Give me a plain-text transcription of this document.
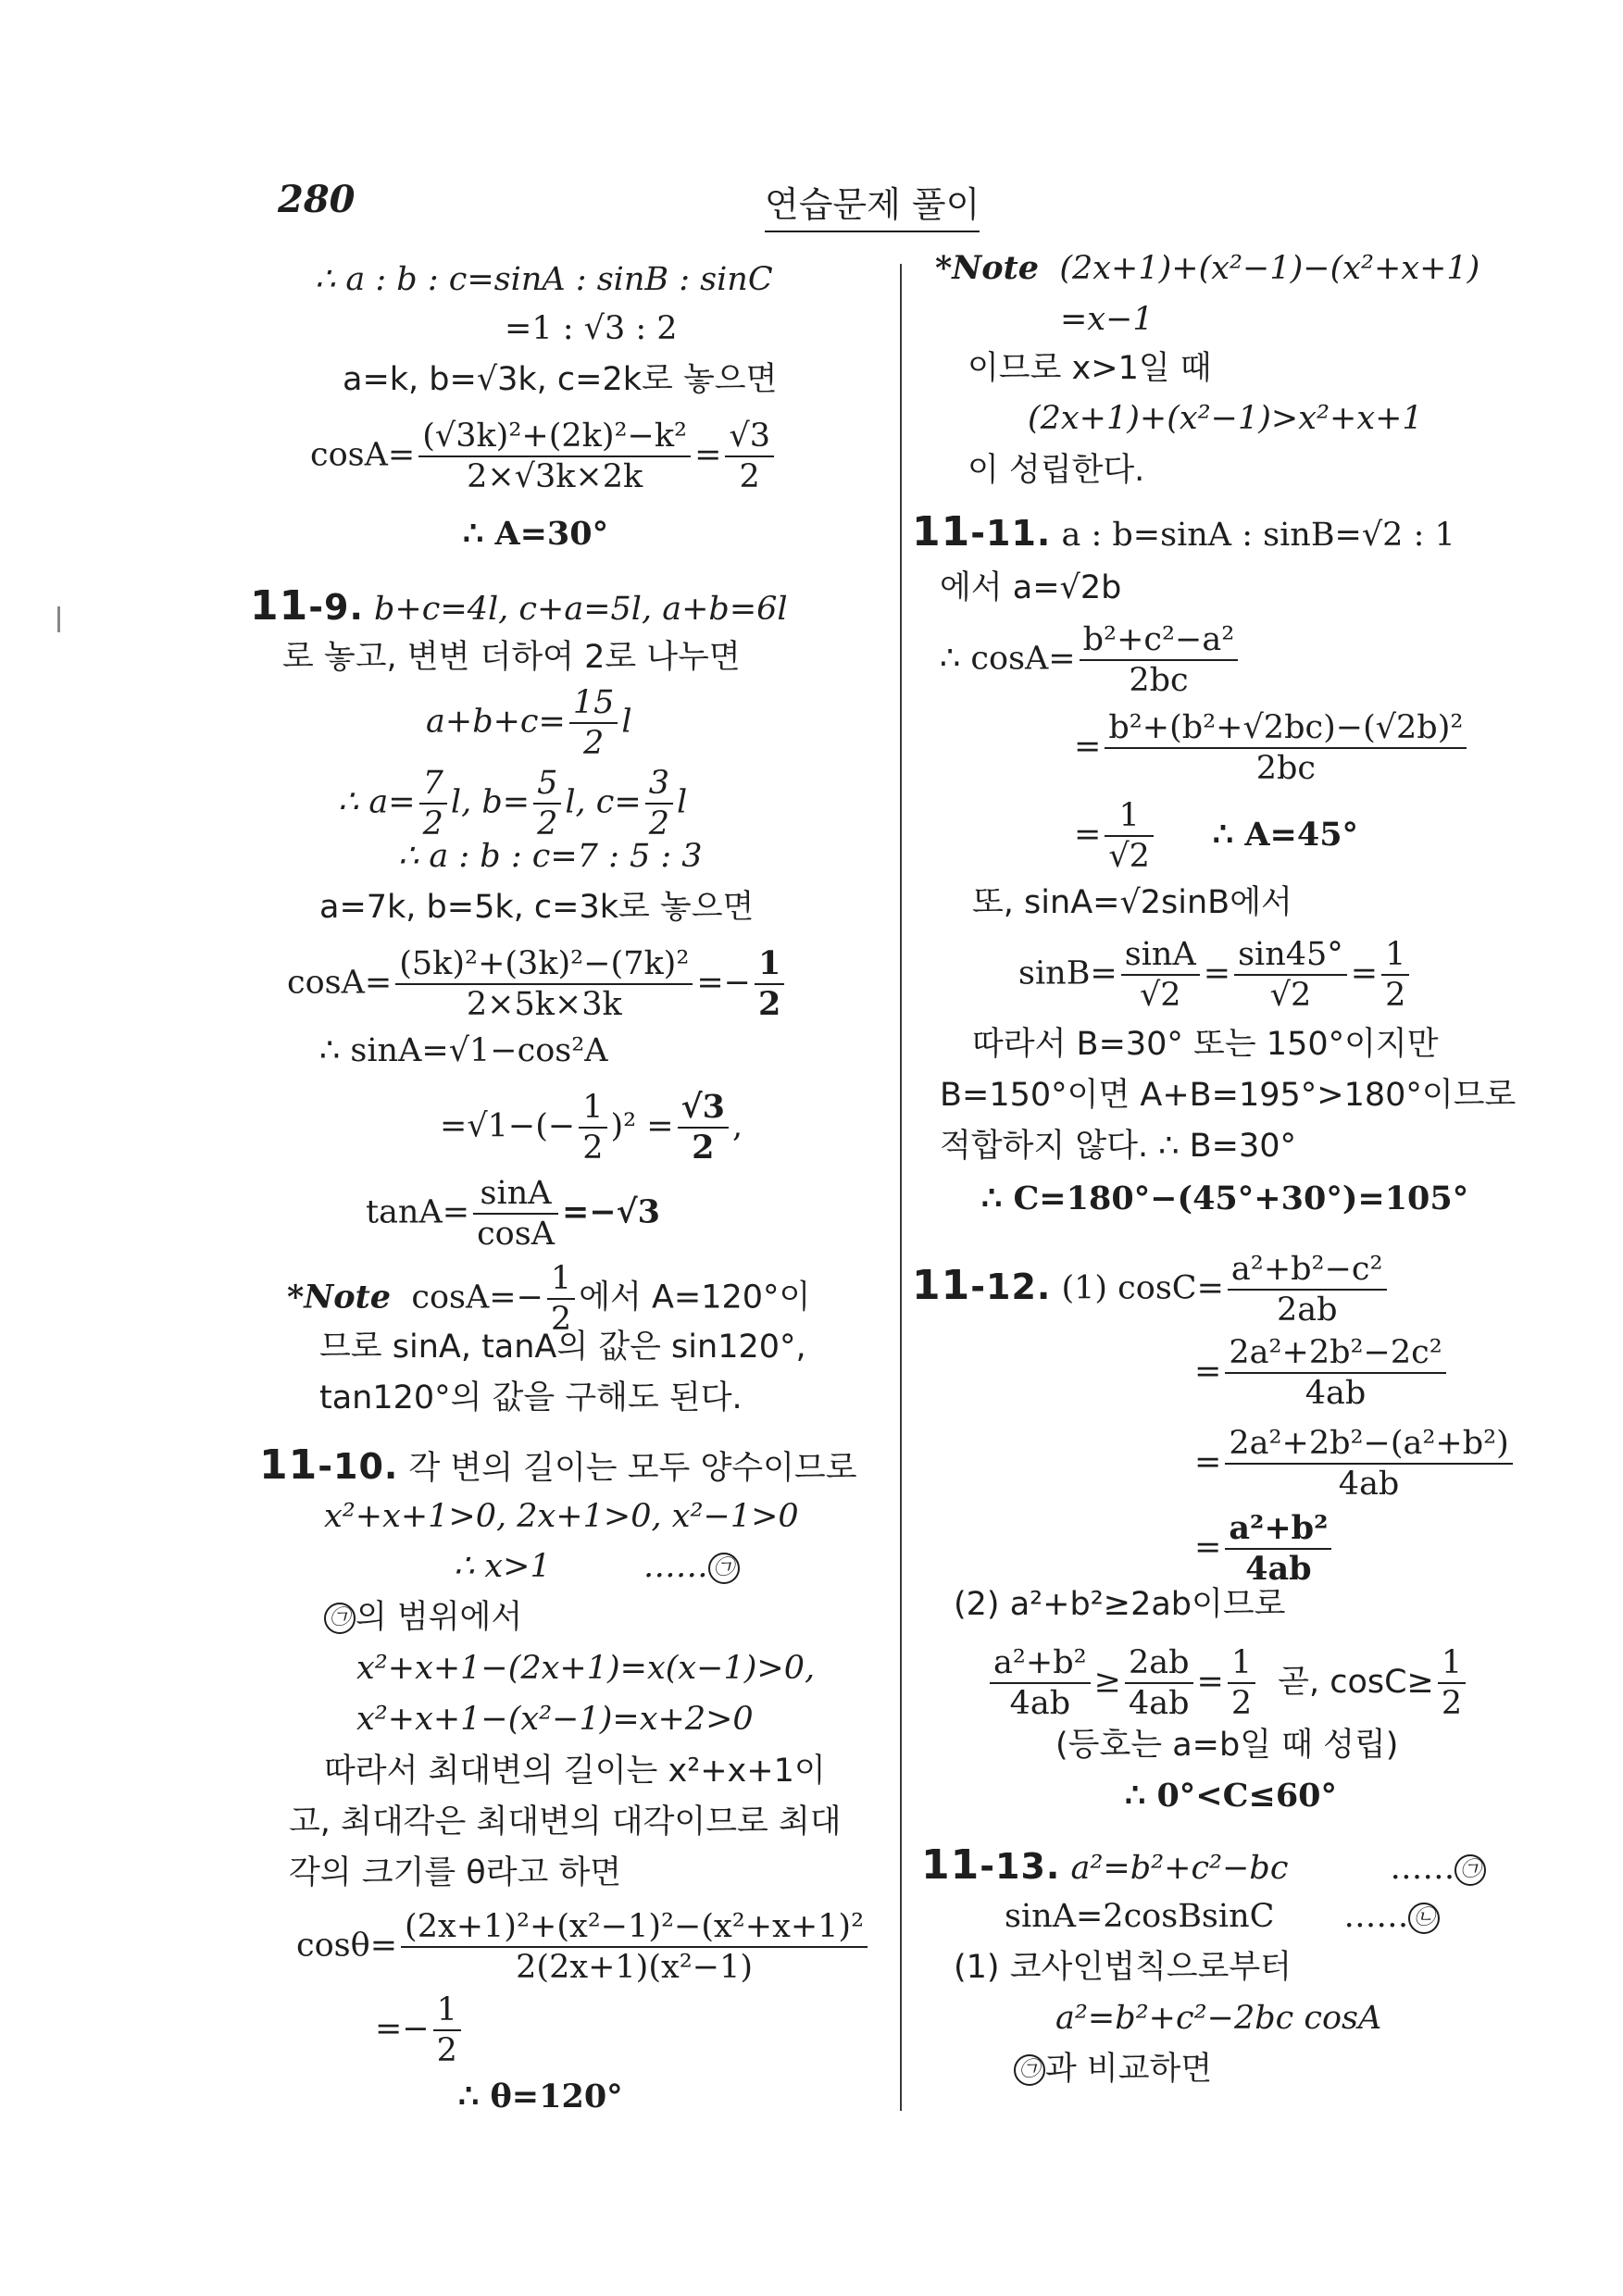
280	연습문제 풀이
∴ a : b : c=sinA : sinB : sinC
=1 : √3 : 2
a=k, b=√3k, c=2k로 놓으면
$\cos A= \frac{\text{(√3k)²+(2k)²−k²}}{2\times√3k\times 2k} = \frac{√3}{2}$
∴ A=30°
11-9. b+c=4l, c+a=5l, a+b=6l
로 놓고, 변변 더하여 2로 나누면
$a+b+c= \frac{15}{2}$ l
∴ $a= \frac{7}{2} l$, $b= \frac{5}{2} l$, $c= \frac{3}{2}$ l
∴ a : b : c=7 : 5 : 3
a=7k, b=5k, c=3k로 놓으면
$\cos A= \frac{\text{(5k)²+(3k)²−(7k)²}}{2\times 5k\times 3k} =- \frac{1}{2}$
∴ sinA=√1−cos²A
$=√1-(- \frac{1}{2} )^2 = \frac{√3}{2}$ ,
$\tan A= \frac{\sin A}{\cos A} =-√3$
*Note $\cos A=- \frac{1}{2}$ 에서 A=120°이
므로 sinA, tanA의 값은 sin120°,
tan120°의 값을 구해도 된다.
11-10. 각 변의 길이는 모두 양수이므로
x²+x+1>0, 2x+1>0, x²−1>0
∴ x>1	…… ㉠
㉠ 의 범위에서
x²+x+1−(2x+1)=x(x−1)>0,
x²+x+1−(x²−1)=x+2>0
따라서 최대변의 길이는 x²+x+1이
고, 최대각은 최대변의 대각이므로 최대
각의 크기를 θ라고 하면
$\cos\theta= \frac{\text{(2x+1)²+(x²−1)²−(x²+x+1)²}}{\text{2(2x+1)(x²−1)}}$
=− $\frac{1}{2}$
∴ θ=120°
*Note (2x+1)+(x²−1)−(x²+x+1)
=x−1
이므로 x>1일 때
(2x+1)+(x²−1)>x²+x+1
이 성립한다.
11-11. a : b=sinA : sinB=√2 : 1
에서 a=√2b
∴ $\cos A= \frac{\text{b²+c²−a²}}{2bc}$
= $\frac{\text{b²+(b²+√2bc)−(√2b)²}}{2bc}$
= $\frac{1}{√2}$ ∴ A=45°
또, sinA=√2sinB에서
$\sin B= \frac{\sin A}{√2} = \frac{\sin 45^\circ}{√2} = \frac{1}{2}$
따라서 B=30° 또는 150°이지만
B=150°이면 A+B=195°>180°이므로
적합하지 않다. ∴ B=30°
∴ C=180°−(45°+30°)=105°
11-12. (1) $\cos C= \frac{\text{a²+b²−c²}}{2ab}$
= $\frac{\text{2a²+2b²−2c²}}{4ab}$
= $\frac{\text{2a²+2b²−(a²+b²)}}{4ab}$
= $\frac{\text{a²+b²}}{4ab}$
(2) a²+b²≥2ab이므로
$\frac{\text{a²+b²}}{4ab} \ge \frac{2ab}{4ab} = \frac{1}{2}$ 곧, $\cos C\ge \frac{1}{2}$
(등호는 a=b일 때 성립)
∴ 0°<C≤60°
11-13. a²=b²+c²−bc	…… ㉠
sinA=2cosBsinC …… ㉡
(1) 코사인법칙으로부터
a²=b²+c²−2bc cosA
㉠ 과 비교하면
